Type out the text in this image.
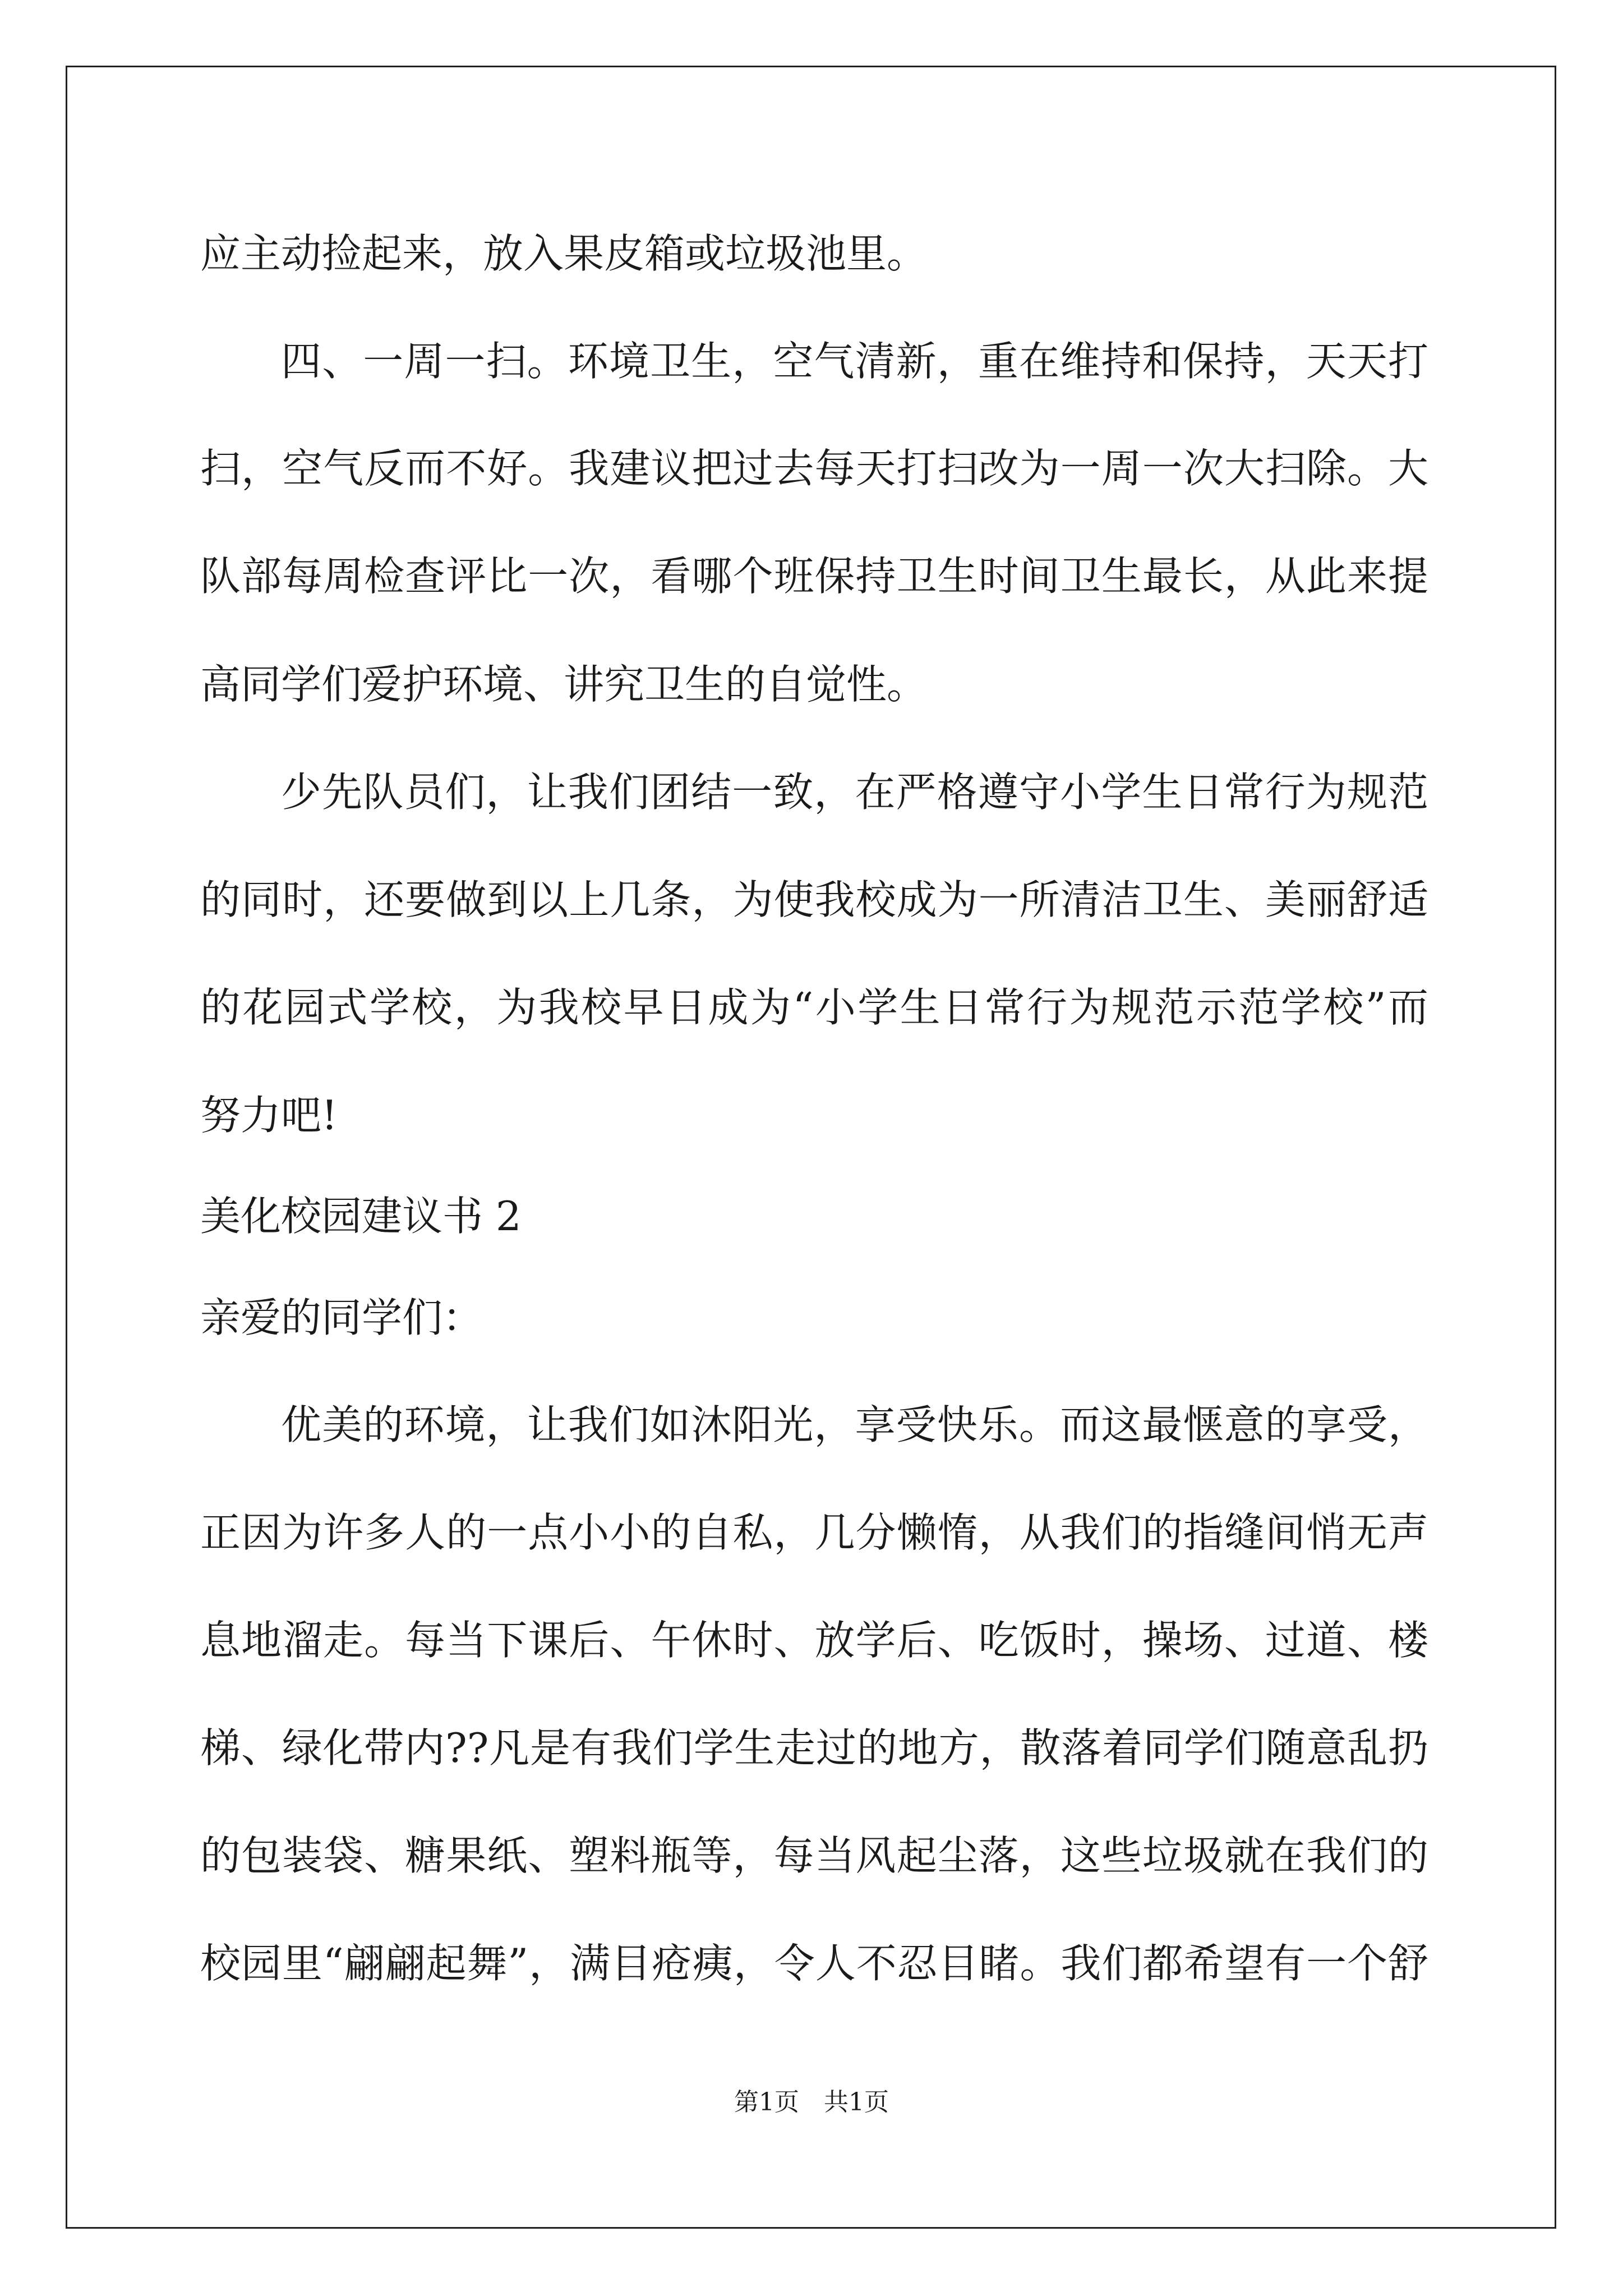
应主动捡起来，放入果皮箱或垃圾池里。
四、一周一扫。环境卫生，空气清新，重在维持和保持，天天打
扫，空气反而不好。我建议把过去每天打扫改为一周一次大扫除。大
队部每周检查评比一次，看哪个班保持卫生时间卫生最长，从此来提
高同学们爱护环境、讲究卫生的自觉性。
少先队员们，让我们团结一致，在严格遵守小学生日常行为规范
的同时，还要做到以上几条，为使我校成为一所清洁卫生、美丽舒适
的花园式学校，为我校早日成为“小学生日常行为规范示范学校”而
努力吧!
美化校园建议书 2
亲爱的同学们：
优美的环境，让我们如沐阳光，享受快乐。而这最惬意的享受，
正因为许多人的一点小小的自私，几分懒惰，从我们的指缝间悄无声
息地溜走。每当下课后、午休时、放学后、吃饭时，操场、过道、楼
梯、绿化带内??凡是有我们学生走过的地方，散落着同学们随意乱扔
的包装袋、糖果纸、塑料瓶等，每当风起尘落，这些垃圾就在我们的
校园里“翩翩起舞”，满目疮痍，令人不忍目睹。我们都希望有一个舒
第1页　共1页
